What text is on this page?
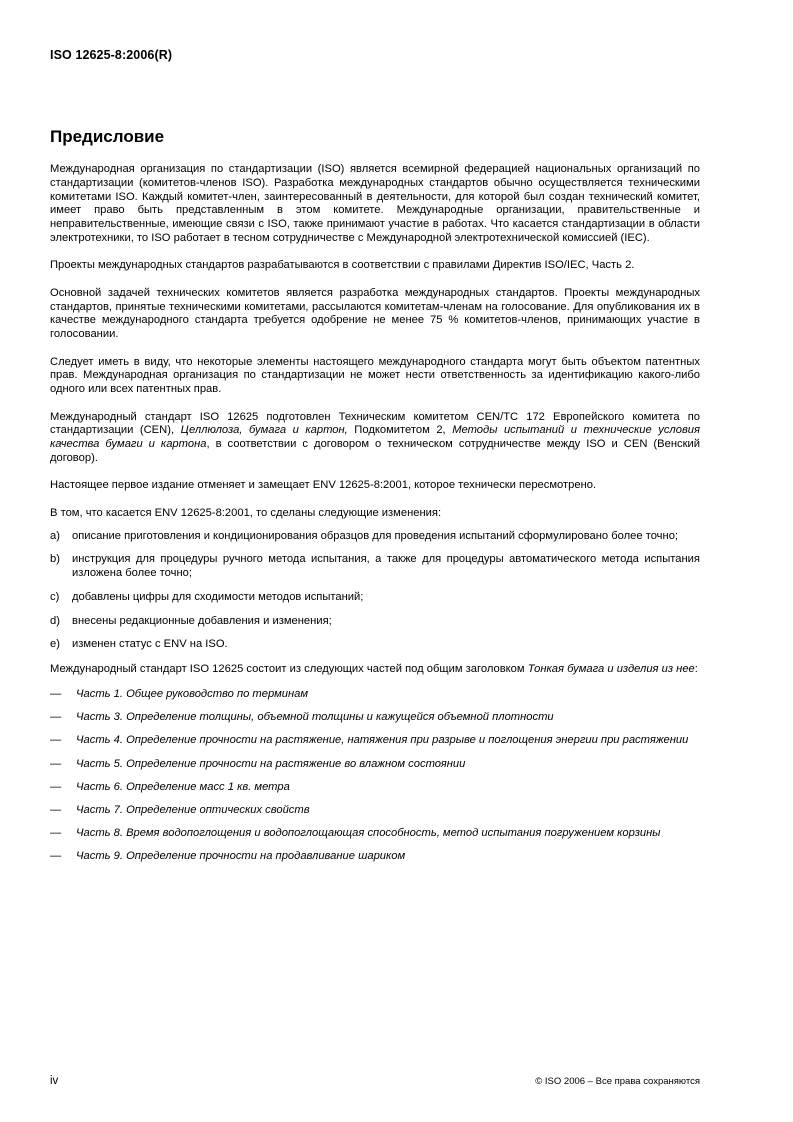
ISO 12625-8:2006(R)
Предисловие

Международная организация по стандартизации (ISO) является всемирной федерацией национальных организаций по стандартизации (комитетов-членов ISO). Разработка международных стандартов обычно осуществляется техническими комитетами ISO. Каждый комитет-член, заинтересованный в деятельности, для которой был создан технический комитет, имеет право быть представленным в этом комитете. Международные организации, правительственные и неправительственные, имеющие связи с ISO, также принимают участие в работах. Что касается стандартизации в области электротехники, то ISO работает в тесном сотрудничестве с Международной электротехнической комиссией (IEC).

Проекты международных стандартов разрабатываются в соответствии с правилами Директив ISO/IEC, Часть 2.

Основной задачей технических комитетов является разработка международных стандартов. Проекты международных стандартов, принятые техническими комитетами, рассылаются комитетам-членам на голосование. Для опубликования их в качестве международного стандарта требуется одобрение не менее 75 % комитетов-членов, принимающих участие в голосовании.

Следует иметь в виду, что некоторые элементы настоящего международного стандарта могут быть объектом патентных прав. Международная организация по стандартизации не может нести ответственность за идентификацию какого-либо одного или всех патентных прав.

Международный стандарт ISO 12625 подготовлен Техническим комитетом CEN/TC 172 Европейского комитета по стандартизации (CEN), Целлюлоза, бумага и картон, Подкомитетом 2, Методы испытаний и технические условия качества бумаги и картона, в соответствии с договором о техническом сотрудничестве между ISO и CEN (Венский договор).

Настоящее первое издание отменяет и замещает ENV 12625-8:2001, которое технически пересмотрено.

В том, что касается ENV 12625-8:2001, то сделаны следующие изменения:

a)	описание приготовления и кондиционирования образцов для проведения испытаний сформулировано более точно;
b)	инструкция для процедуры ручного метода испытания, а также для процедуры автоматического метода испытания изложена более точно;
c)	добавлены цифры для сходимости методов испытаний;
d)	внесены редакционные добавления и изменения;
e)	изменен статус с ENV на ISO.

Международный стандарт ISO 12625 состоит из следующих частей под общим заголовком Тонкая бумага и изделия из нее:

—	Часть 1. Общее руководство по терминам
—	Часть 3. Определение толщины, объемной толщины и кажущейся объемной плотности
—	Часть 4. Определение прочности на растяжение, натяжения при разрыве и поглощения энергии при растяжении
—	Часть 5. Определение прочности на растяжение во влажном состоянии
—	Часть 6. Определение масс 1 кв. метра
—	Часть 7. Определение оптических свойств
—	Часть 8. Время водопоглощения и водопоглощающая способность, метод испытания погружением корзины
—	Часть 9. Определение прочности на продавливание шариком
iv	© ISO 2006 – Все права сохраняются
